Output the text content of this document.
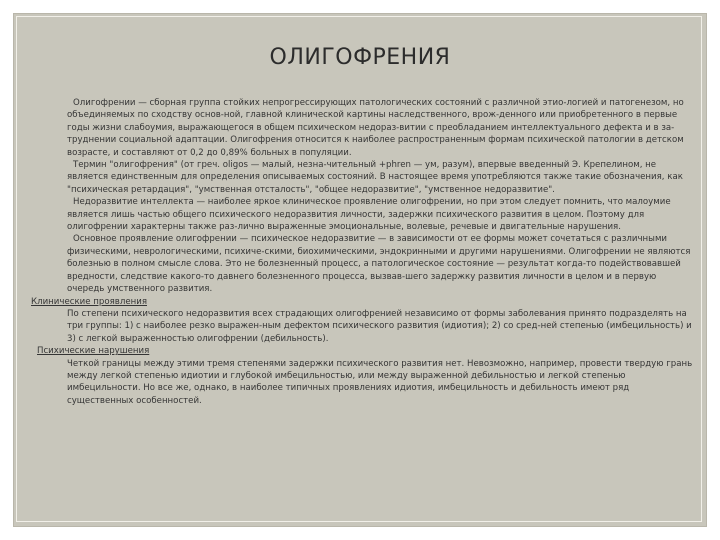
ОЛИГОФРЕНИЯ

Олигофрении — сборная группа стойких непрогрессирующих патологических состояний с различной этио-логией и патогенезом, но объединяемых по сходству основ-ной, главной клинической картины наследственного, врож-денного или приобретенного в первые годы жизни слабоумия, выражающегося в общем психическом недораз-витии с преобладанием интеллектуального дефекта и в за-труднении социальной адаптации. Олигофрения относится к наиболее распространенным формам психической патологии в детском возрасте, и составляют от 0,2 до 0,89% больных в популяции.

Термин "олигофрения" (от греч. oligos — малый, незна-чительный +phren — ум, разум), впервые введенный Э. Крепелином, не является единственным для определения описываемых состояний. В настоящее время употребляются также такие обозначения, как "психическая ретардация", "умственная отсталость", "общее недоразвитие", "умственное недоразвитие".

Недоразвитие интеллекта — наиболее яркое клиническое проявление олигофрении, но при этом следует помнить, что малоумие является лишь частью общего психического недоразвития личности, задержки психического развития в целом. Поэтому для олигофрении характерны также раз-лично выраженные эмоциональные, волевые, речевые и двигательные нарушения.

Основное проявление олигофрении — психическое недоразвитие — в зависимости от ее формы может сочетаться с различными физическими, неврологическими, психиче-скими, биохимическими, эндокринными и другими нарушениями. Олигофрении не являются болезнью в полном смысле слова. Это не болезненный процесс, а патологическое состояние — результат когда-то подействовавшей вредности, следствие какого-то давнего болезненного процесса, вызвав-шего задержку развития личности в целом и в первую очередь умственного развития.

Клинические проявления

По степени психического недоразвития всех страдающих олигофренией независимо от формы заболевания принято подразделять на три группы: 1) с наиболее резко выражен-ным дефектом психического развития (идиотия); 2) со сред-ней степенью (имбецильность) и 3) с легкой выраженностью олигофрении (дебильность).

Психические нарушения

Четкой границы между этими тремя степенями задержки психического развития нет. Невозможно, например, провести твердую грань между легкой степенью идиотии и глубокой имбецильностью, или между выраженной дебильностью и легкой степенью имбецильности. Но все же, однако, в наиболее типичных проявлениях идиотия, имбецильность и дебильность имеют ряд существенных особенностей.
